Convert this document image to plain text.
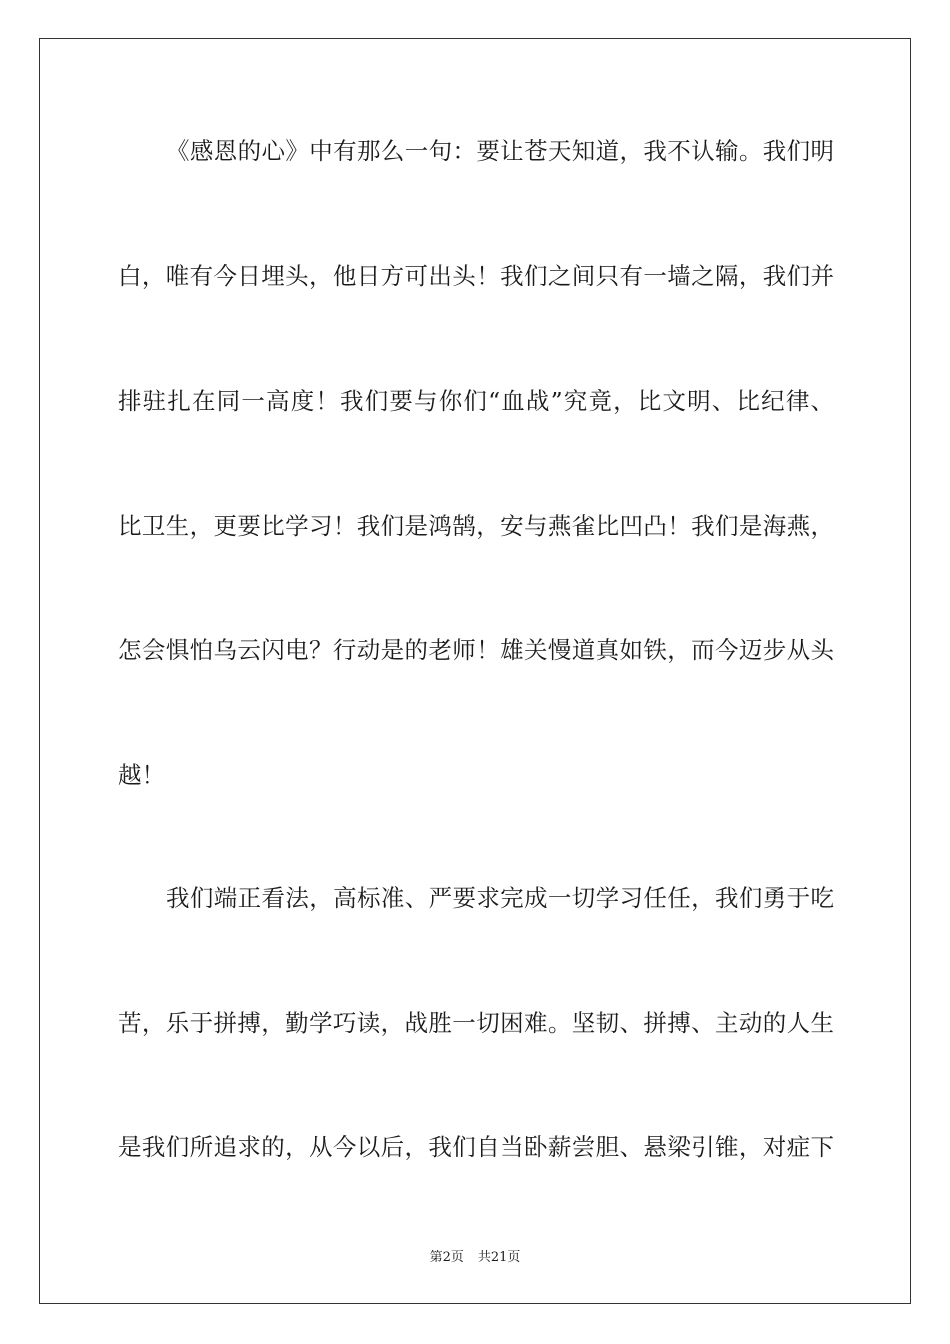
《感恩的心》中有那么一句：要让苍天知道，我不认输。我们明
白，唯有今日埋头，他日方可出头！我们之间只有一墙之隔，我们并
排驻扎在同一高度！我们要与你们“血战”究竟，比文明、比纪律、
比卫生，更要比学习！我们是鸿鹄，安与燕雀比凹凸！我们是海燕，
怎会惧怕乌云闪电？行动是的老师！雄关慢道真如铁，而今迈步从头
越！
我们端正看法，高标准、严要求完成一切学习任任，我们勇于吃
苦，乐于拼搏，勤学巧读，战胜一切困难。坚韧、拼搏、主动的人生
是我们所追求的，从今以后，我们自当卧薪尝胆、悬梁引锥，对症下
第2页 共21页
